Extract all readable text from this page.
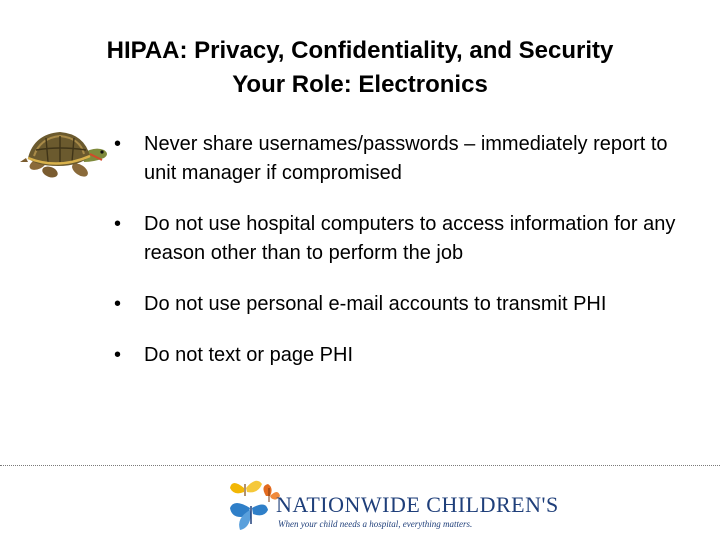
HIPAA: Privacy, Confidentiality, and Security
Your Role: Electronics
• Never share usernames/passwords – immediately report to unit manager if compromised
• Do not use hospital computers to access information for any reason other than to perform the job
• Do not use personal e-mail accounts to transmit PHI
• Do not text or page PHI
NATIONWIDE CHILDREN'S
When your child needs a hospital, everything matters.
